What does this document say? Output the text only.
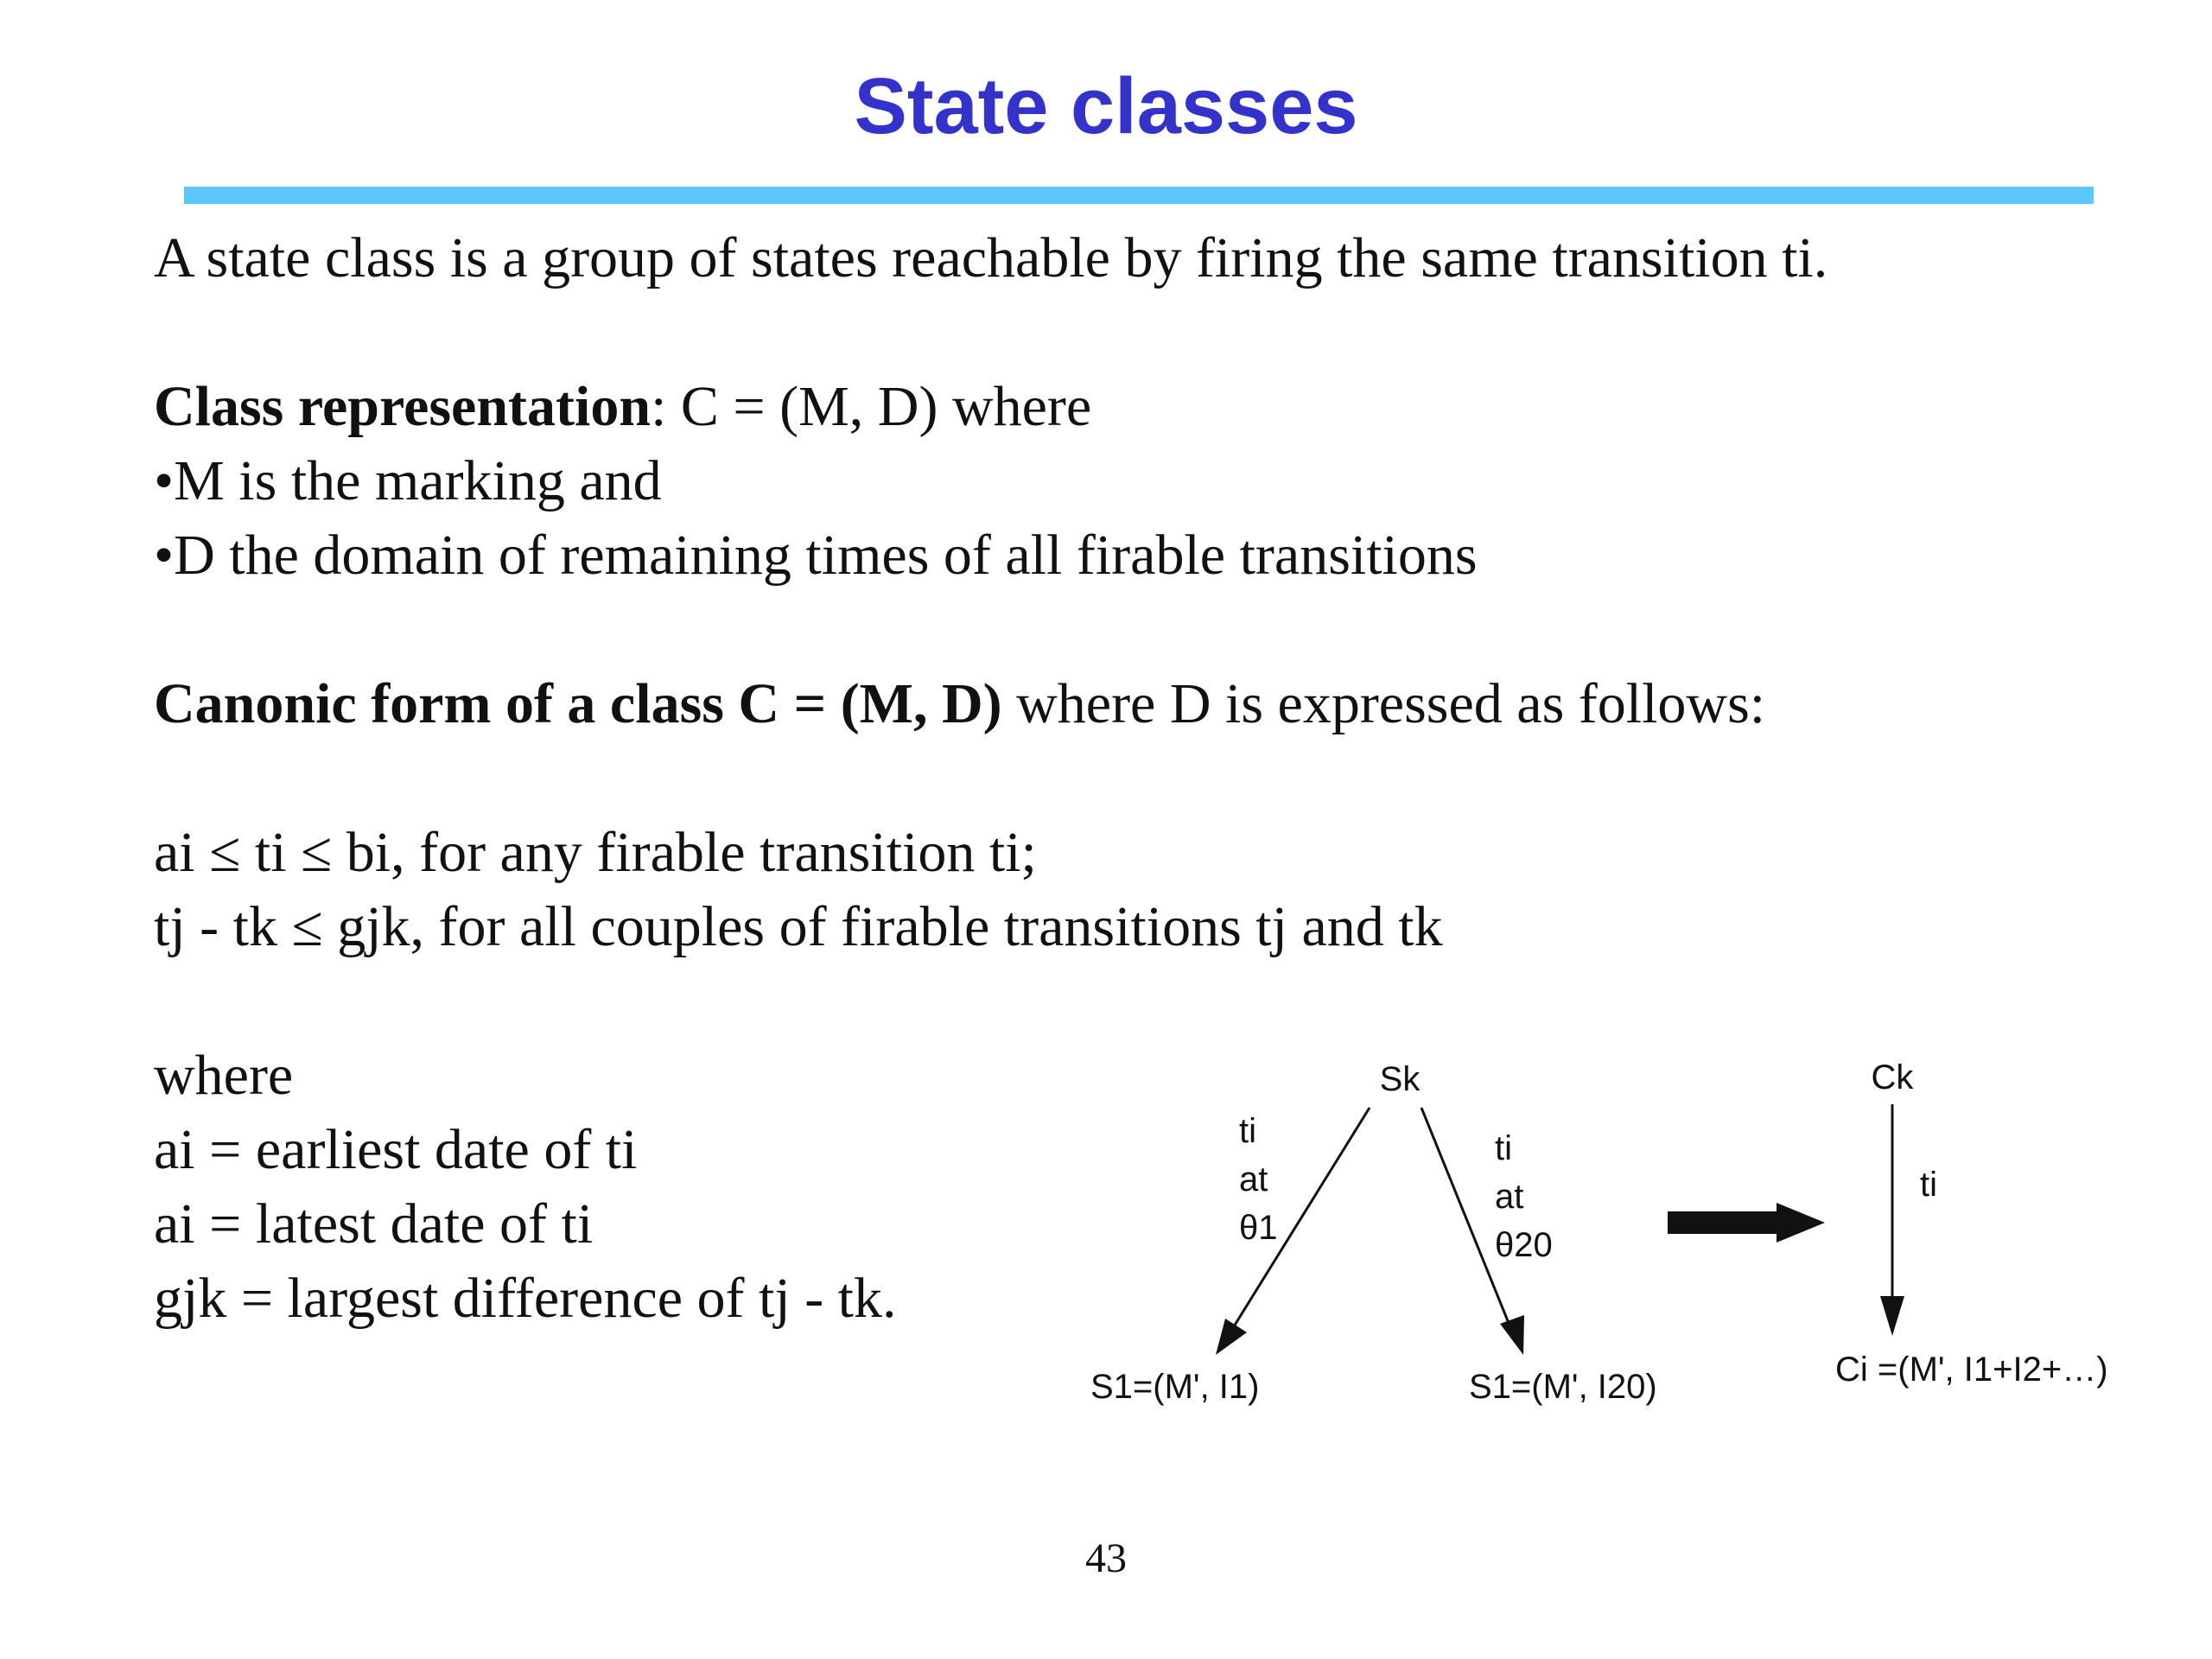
State classes
A state class is a group of states reachable by firing the same transition ti.
Class representation: C = (M, D) where
•M is the marking and
•D the domain of remaining times of all firable transitions
Canonic form of a class C = (M, D) where D is expressed as follows:
ai ≤ ti ≤ bi, for any firable transition ti;
tj - tk ≤ gjk, for all couples of firable transitions tj and tk
where
ai = earliest date of ti
ai = latest date of ti
gjk = largest difference of tj - tk.
Sk
ti
at
θ1
S1=(M', I1)
ti
at
θ20
S1=(M', I20)
Ck
ti
Ci =(M', I1+I2+…)
43
